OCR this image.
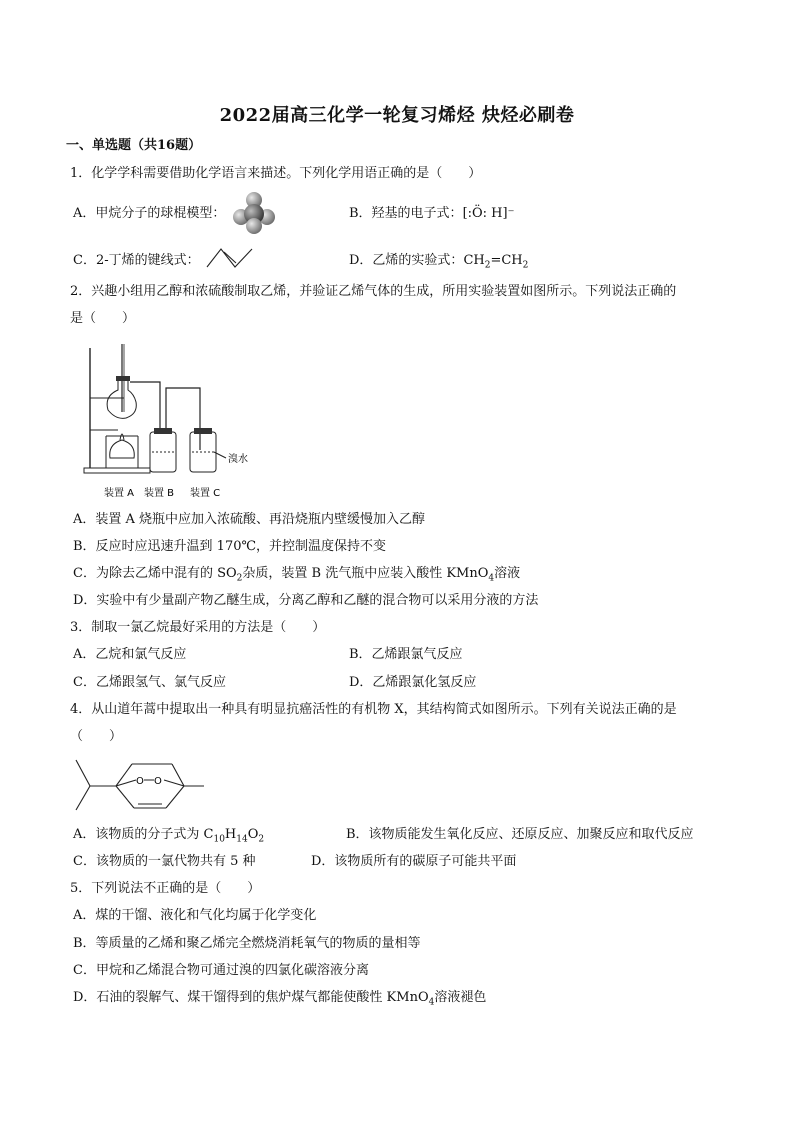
2022届高三化学一轮复习烯烃 炔烃必刷卷
一、单选题（共16题）
1．化学学科需要借助化学语言来描述。下列化学用语正确的是（　　）
A．甲烷分子的球棍模型：	B．羟基的电子式：[:Ö: H]⁻
C．2-丁烯的键线式：	D．乙烯的实验式：$CH_2=CH_2$
2．兴趣小组用乙醇和浓硫酸制取乙烯，并验证乙烯气体的生成，所用实验装置如图所示。下列说法正确的
是（　　）
溴水
装置 A 装置 B 装置 C
A．装置 A 烧瓶中应加入浓硫酸、再沿烧瓶内壁缓慢加入乙醇
B．反应时应迅速升温到 170℃，并控制温度保持不变
C．为除去乙烯中混有的 $SO_2$杂质，装置 B 洗气瓶中应装入酸性 KMnO$_4$溶液
D．实验中有少量副产物乙醚生成，分离乙醇和乙醚的混合物可以采用分液的方法
3．制取一氯乙烷最好采用的方法是（　　）
A．乙烷和氯气反应	B．乙烯跟氯气反应
C．乙烯跟氢气、氯气反应	D．乙烯跟氯化氢反应
4．从山道年蒿中提取出一种具有明显抗癌活性的有机物 X，其结构简式如图所示。下列有关说法正确的是
（　　）
O O
A．该物质的分子式为 $C_{10}H_{14}O_2$	B．该物质能发生氧化反应、还原反应、加聚反应和取代反应
C．该物质的一氯代物共有 5 种	D．该物质所有的碳原子可能共平面
5．下列说法不正确的是（　　）
A．煤的干馏、液化和气化均属于化学变化
B．等质量的乙烯和聚乙烯完全燃烧消耗氧气的物质的量相等
C．甲烷和乙烯混合物可通过溴的四氯化碳溶液分离
D．石油的裂解气、煤干馏得到的焦炉煤气都能使酸性 KMnO$_4$溶液褪色
